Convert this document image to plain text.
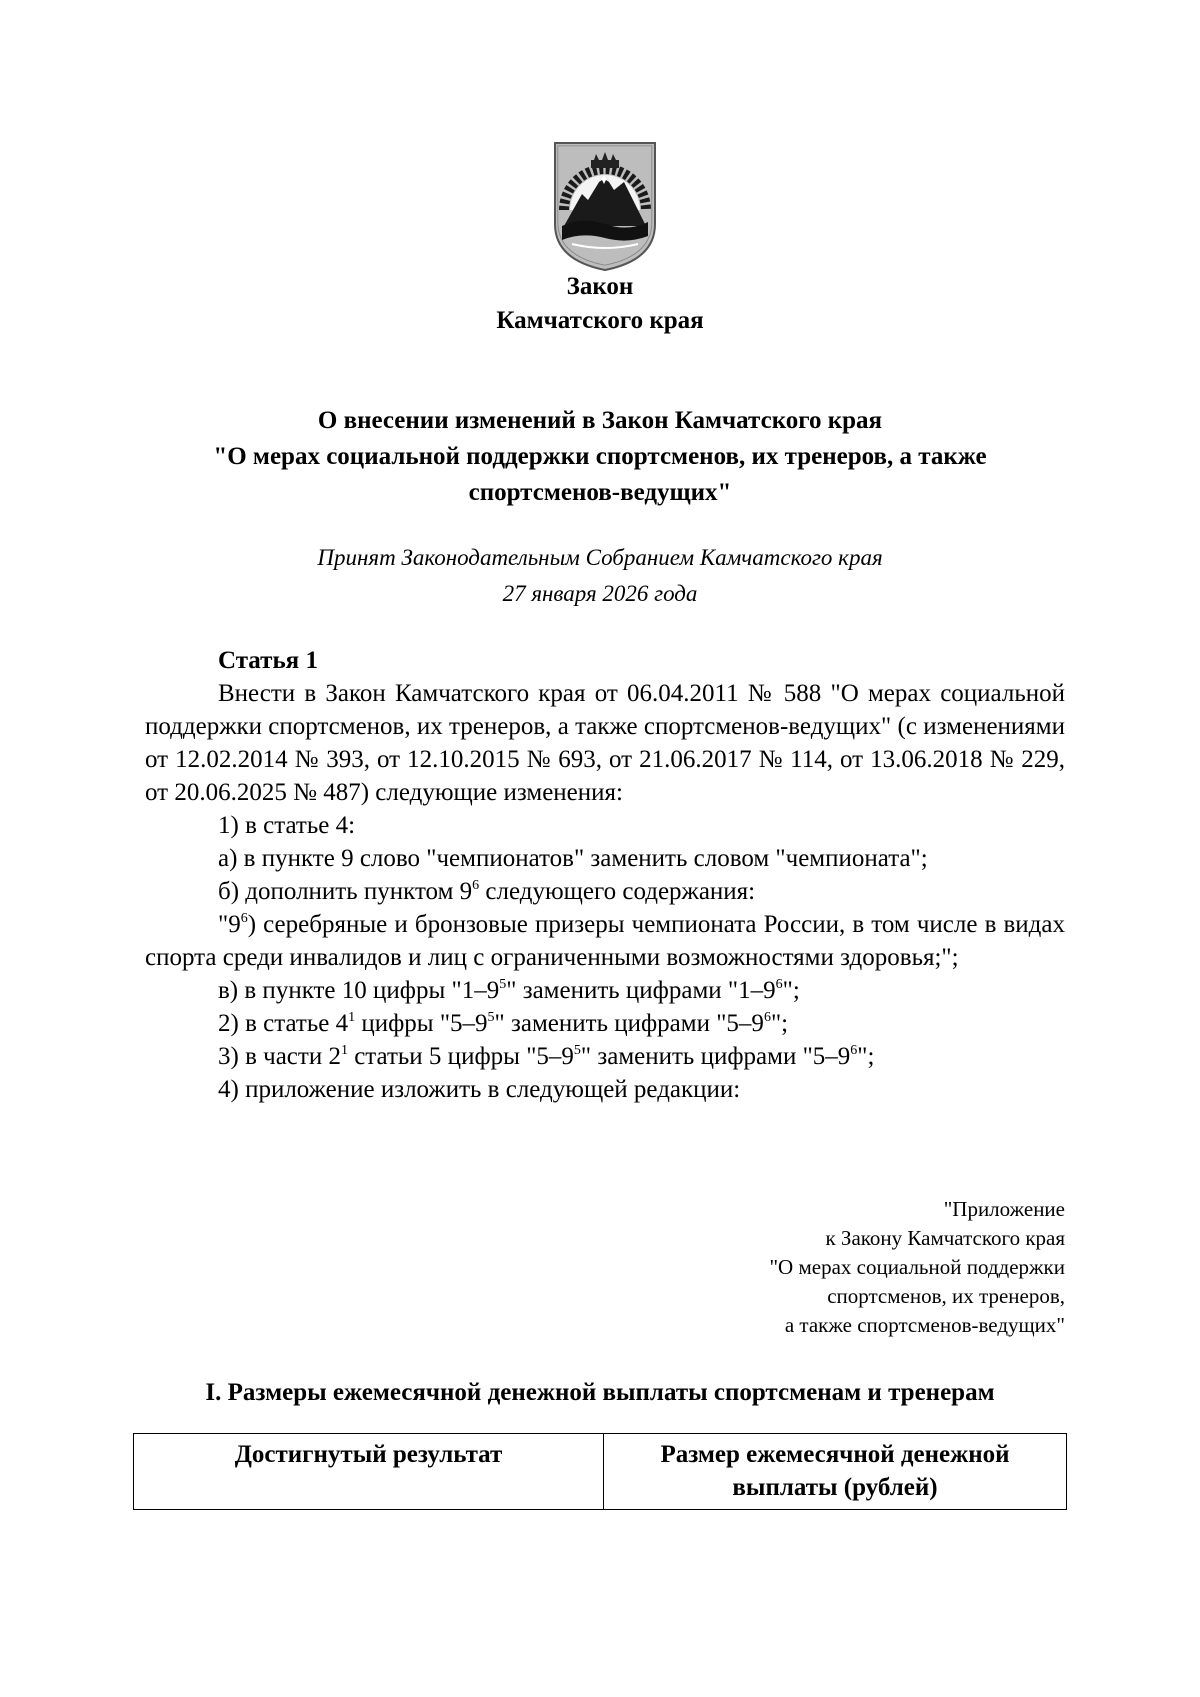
Закон
Камчатского края
О внесении изменений в Закон Камчатского края
"О мерах социальной поддержки спортсменов, их тренеров, а также
спортсменов-ведущих"
Принят Законодательным Собранием Камчатского края
27 января 2026 года

Статья 1

Внести в Закон Камчатского края от 06.04.2011 № 588 "О мерах социальной поддержки спортсменов, их тренеров, а также спортсменов-ведущих" (с изменениями от 12.02.2014 № 393, от 12.10.2015 № 693, от 21.06.2017 № 114, от 13.06.2018 № 229, от 20.06.2025 № 487) следующие изменения:

1) в статье 4:

а) в пункте 9 слово "чемпионатов" заменить словом "чемпионата";

б) дополнить пунктом $9^6$ следующего содержания:

"$9^6$) серебряные и бронзовые призеры чемпионата России, в том числе в видах спорта среди инвалидов и лиц с ограниченными возможностями здоровья;";

в) в пункте 10 цифры "$1-9^5$" заменить цифрами "$1-9^6$";

2) в статье $4^1$ цифры "$5-9^5$" заменить цифрами "$5-9^6$";

3) в части $2^1$ статьи 5 цифры "$5-9^5$" заменить цифрами "$5-9^6$";

4) приложение изложить в следующей редакции:

"Приложение
к Закону Камчатского края
"О мерах социальной поддержки
спортсменов, их тренеров,
а также спортсменов-ведущих"
I. Размеры ежемесячной денежной выплаты спортсменам и тренерам
Достигнутый результат	Размер ежемесячной денежной выплаты (рублей)
